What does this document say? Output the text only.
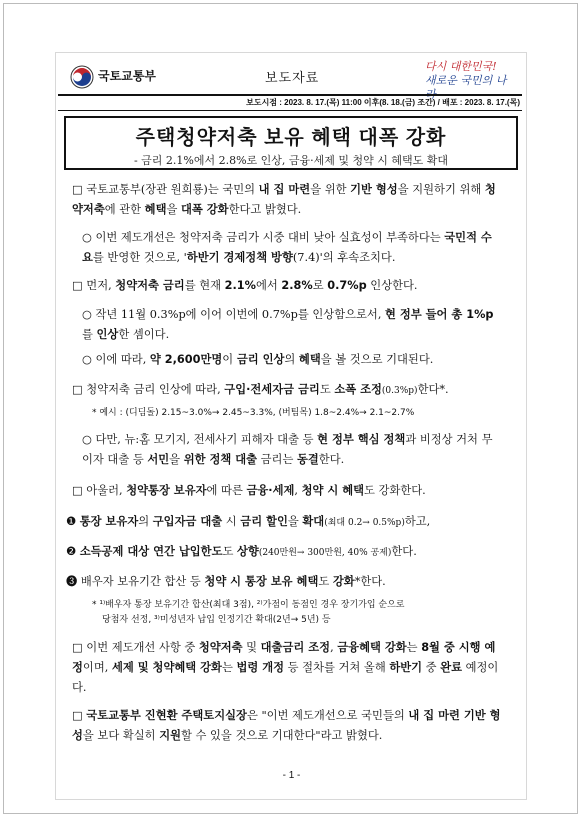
국토교통부	보도자료
다시 대한민국!
새로운 국민의 나라
보도시점 : 2023. 8. 17.(목) 11:00 이후(8. 18.(금) 조간) / 배포 : 2023. 8. 17.(목)
주택청약저축 보유 혜택 대폭 강화
- 금리 2.1%에서 2.8%로 인상, 금융·세제 및 청약 시 혜택도 확대
□ 국토교통부(장관 원희룡)는 국민의 내 집 마련을 위한 기반 형성을 지원하기 위해 청약저축에 관한 혜택을 대폭 강화한다고 밝혔다.
○ 이번 제도개선은 청약저축 금리가 시중 대비 낮아 실효성이 부족하다는 국민적 수요를 반영한 것으로, '하반기 경제정책 방향(7.4)'의 후속조치다.
□ 먼저, 청약저축 금리를 현재 2.1%에서 2.8%로 0.7%p 인상한다.
○ 작년 11월 0.3%p에 이어 이번에 0.7%p를 인상함으로서, 현 정부 들어 총 1%p를 인상한 셈이다.
○ 이에 따라, 약 2,600만명이 금리 인상의 혜택을 볼 것으로 기대된다.
□ 청약저축 금리 인상에 따라, 구입·전세자금 금리도 소폭 조정(0.3%p)한다*.
* 예시 : (디딤돌) 2.15~3.0%→ 2.45~3.3%, (버팀목) 1.8~2.4%→ 2.1~2.7%
○ 다만, 뉴:홈 모기지, 전세사기 피해자 대출 등 현 정부 핵심 정책과 비정상 거처 무이자 대출 등 서민을 위한 정책 대출 금리는 동결한다.
□ 아울러, 청약통장 보유자에 따른 금융·세제, 청약 시 혜택도 강화한다.
❶ 통장 보유자의 구입자금 대출 시 금리 할인을 확대(최대 0.2→ 0.5%p)하고,
❷ 소득공제 대상 연간 납입한도도 상향(240만원→ 300만원, 40% 공제)한다.
❸ 배우자 보유기간 합산 등 청약 시 통장 보유 혜택도 강화*한다.
* ¹⁾배우자 통장 보유기간 합산(최대 3점), ²⁾가점이 동점인 경우 장기가입 순으로
당첨자 선정, ³⁾미성년자 납입 인정기간 확대(2년→ 5년) 등
□ 이번 제도개선 사항 중 청약저축 및 대출금리 조정, 금융혜택 강화는 8월 중 시행 예정이며, 세제 및 청약혜택 강화는 법령 개정 등 절차를 거쳐 올해 하반기 중 완료 예정이다.
□ 국토교통부 진현환 주택토지실장은 "이번 제도개선으로 국민들의 내 집 마련 기반 형성을 보다 확실히 지원할 수 있을 것으로 기대한다"라고 밝혔다.
- 1 -
